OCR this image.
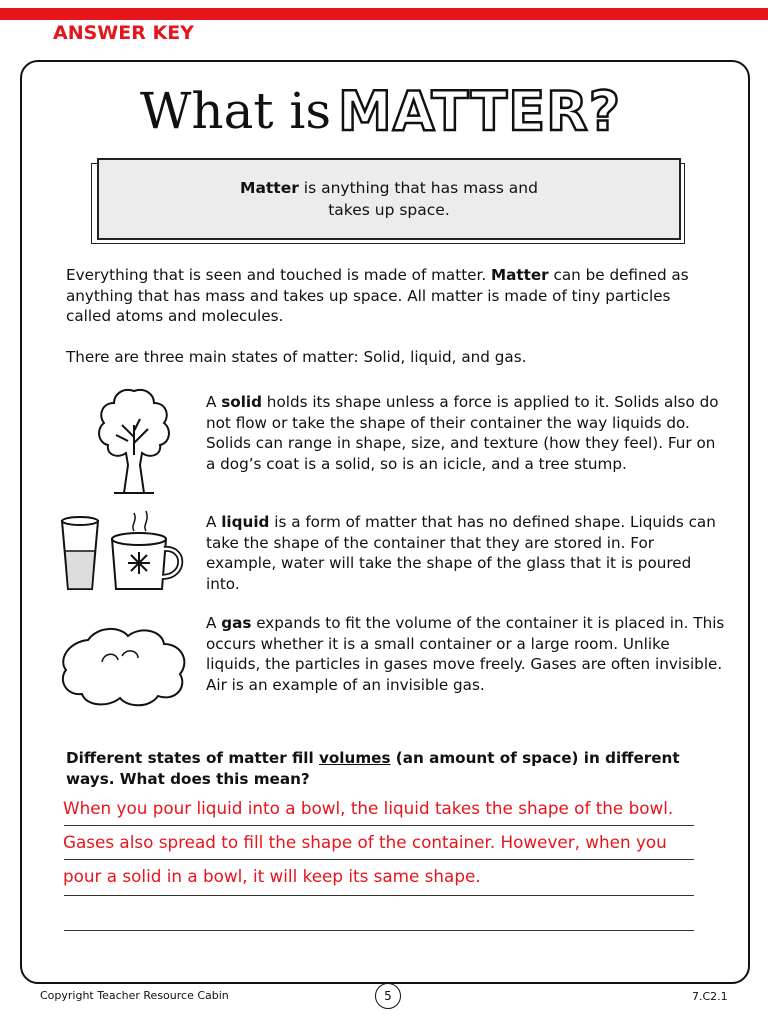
ANSWER KEY
What is MATTER?
Matter is anything that has mass and takes up space.
Everything that is seen and touched is made of matter. Matter can be defined as anything that has mass and takes up space. All matter is made of tiny particles called atoms and molecules.
There are three main states of matter: Solid, liquid, and gas.
A solid holds its shape unless a force is applied to it. Solids also do not flow or take the shape of their container the way liquids do. Solids can range in shape, size, and texture (how they feel). Fur on a dog’s coat is a solid, so is an icicle, and a tree stump.
A liquid is a form of matter that has no defined shape. Liquids can take the shape of the container that they are stored in. For example, water will take the shape of the glass that it is poured into.
A gas expands to fit the volume of the container it is placed in. This occurs whether it is a small container or a large room. Unlike liquids, the particles in gases move freely. Gases are often invisible. Air is an example of an invisible gas.
Different states of matter fill volumes (an amount of space) in different ways. What does this mean?
When you pour liquid into a bowl, the liquid takes the shape of the bowl.
Gases also spread to fill the shape of the container. However, when you
pour a solid in a bowl, it will keep its same shape.
Copyright Teacher Resource Cabin	5	7.C2.1
